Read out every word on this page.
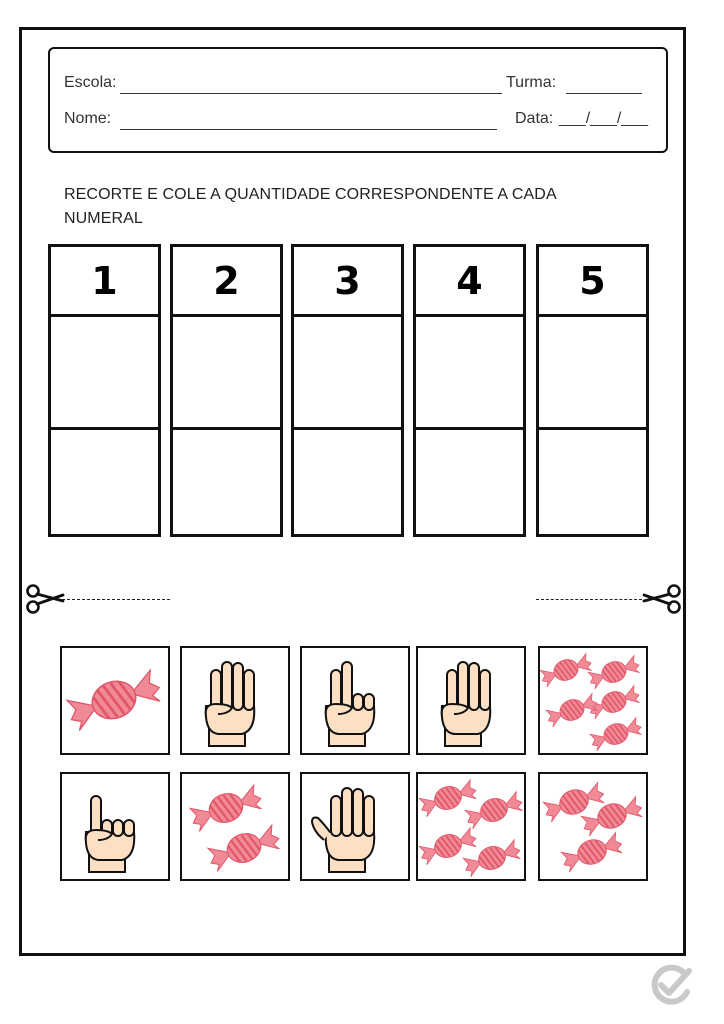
Escola:	Turma:
Nome:	Data: ___/___/___
RECORTE E COLE A QUANTIDADE CORRESPONDENTE A CADA NUMERAL
1	2	3	4	5
